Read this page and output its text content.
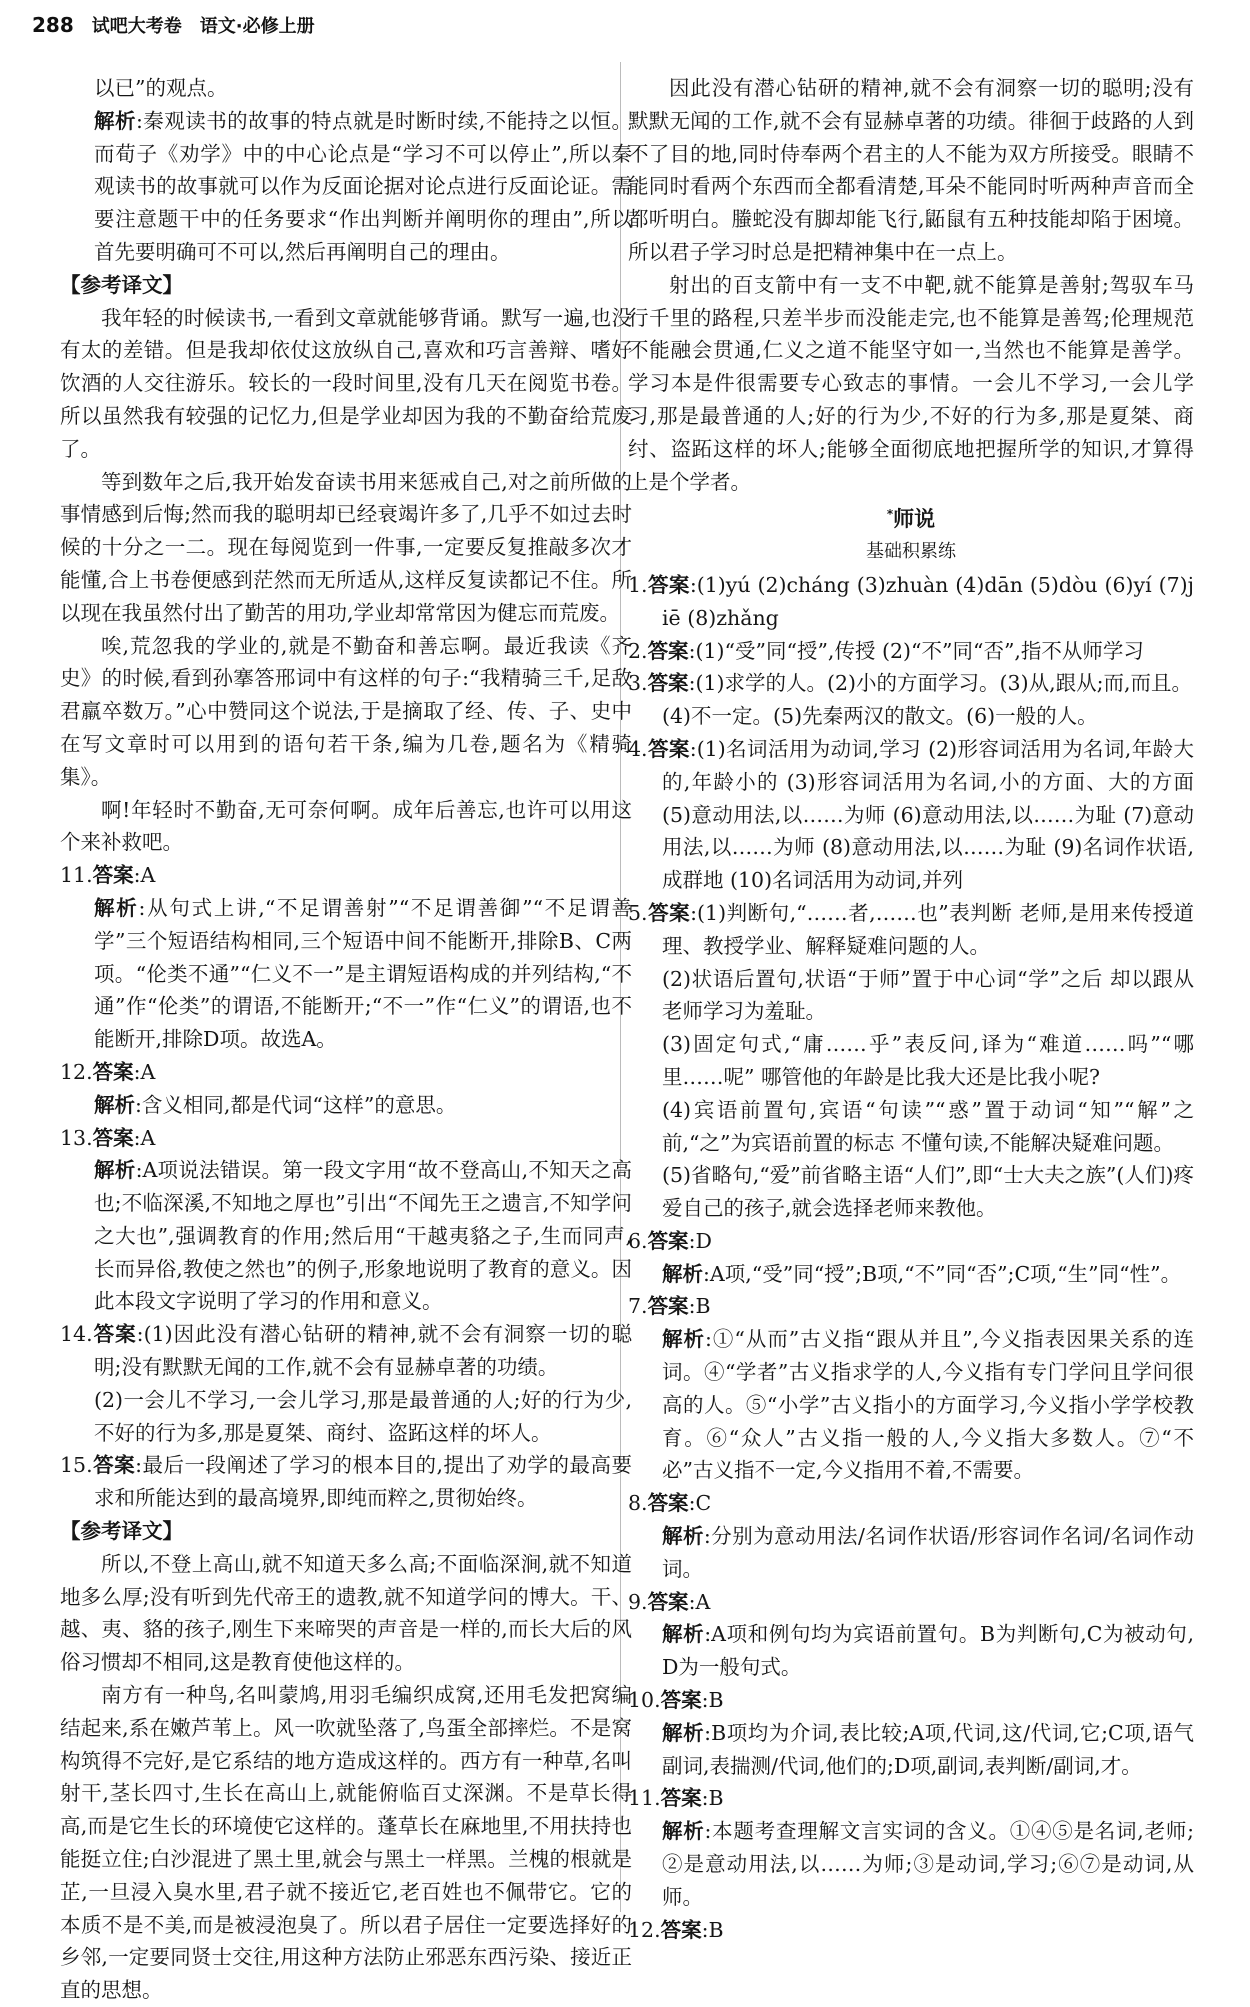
288 试吧大考卷 语文·必修上册

以已”的观点。

解析:秦观读书的故事的特点就是时断时续,不能持之以恒。而荀子《劝学》中的中心论点是“学习不可以停止”,所以秦观读书的故事就可以作为反面论据对论点进行反面论证。需要注意题干中的任务要求“作出判断并阐明你的理由”,所以首先要明确可不可以,然后再阐明自己的理由。

【参考译文】

我年轻的时候读书,一看到文章就能够背诵。默写一遍,也没有太的差错。但是我却依仗这放纵自己,喜欢和巧言善辩、嗜好饮酒的人交往游乐。较长的一段时间里,没有几天在阅览书卷。所以虽然我有较强的记忆力,但是学业却因为我的不勤奋给荒废了。

等到数年之后,我开始发奋读书用来惩戒自己,对之前所做的事情感到后悔;然而我的聪明却已经衰竭许多了,几乎不如过去时候的十分之一二。现在每阅览到一件事,一定要反复推敲多次才能懂,合上书卷便感到茫然而无所适从,这样反复读都记不住。所以现在我虽然付出了勤苦的用功,学业却常常因为健忘而荒废。

唉,荒忽我的学业的,就是不勤奋和善忘啊。最近我读《齐史》的时候,看到孙搴答邢词中有这样的句子:“我精骑三千,足敌君羸卒数万。”心中赞同这个说法,于是摘取了经、传、子、史中在写文章时可以用到的语句若干条,编为几卷,题名为《精骑集》。

啊!年轻时不勤奋,无可奈何啊。成年后善忘,也许可以用这个来补救吧。

11.答案:A

解析:从句式上讲,“不足谓善射”“不足谓善御”“不足谓善学”三个短语结构相同,三个短语中间不能断开,排除B、C两项。“伦类不通”“仁义不一”是主谓短语构成的并列结构,“不通”作“伦类”的谓语,不能断开;“不一”作“仁义”的谓语,也不能断开,排除D项。故选A。

12.答案:A

解析:含义相同,都是代词“这样”的意思。

13.答案:A

解析:A项说法错误。第一段文字用“故不登高山,不知天之高也;不临深溪,不知地之厚也”引出“不闻先王之遗言,不知学问之大也”,强调教育的作用;然后用“干越夷貉之子,生而同声,长而异俗,教使之然也”的例子,形象地说明了教育的意义。因此本段文字说明了学习的作用和意义。

14.答案:(1)因此没有潜心钻研的精神,就不会有洞察一切的聪明;没有默默无闻的工作,就不会有显赫卓著的功绩。

(2)一会儿不学习,一会儿学习,那是最普通的人;好的行为少,不好的行为多,那是夏桀、商纣、盗跖这样的坏人。

15.答案:最后一段阐述了学习的根本目的,提出了劝学的最高要求和所能达到的最高境界,即纯而粹之,贯彻始终。

【参考译文】

所以,不登上高山,就不知道天多么高;不面临深涧,就不知道地多么厚;没有听到先代帝王的遗教,就不知道学问的博大。干、越、夷、貉的孩子,刚生下来啼哭的声音是一样的,而长大后的风俗习惯却不相同,这是教育使他这样的。

南方有一种鸟,名叫蒙鸠,用羽毛编织成窝,还用毛发把窝编结起来,系在嫩芦苇上。风一吹就坠落了,鸟蛋全部摔烂。不是窝构筑得不完好,是它系结的地方造成这样的。西方有一种草,名叫射干,茎长四寸,生长在高山上,就能俯临百丈深渊。不是草长得高,而是它生长的环境使它这样的。蓬草长在麻地里,不用扶持也能挺立住;白沙混进了黑土里,就会与黑土一样黑。兰槐的根就是芷,一旦浸入臭水里,君子就不接近它,老百姓也不佩带它。它的本质不是不美,而是被浸泡臭了。所以君子居住一定要选择好的乡邻,一定要同贤士交往,用这种方法防止邪恶东西污染、接近正直的思想。

因此没有潜心钻研的精神,就不会有洞察一切的聪明;没有默默无闻的工作,就不会有显赫卓著的功绩。徘徊于歧路的人到不了目的地,同时侍奉两个君主的人不能为双方所接受。眼睛不能同时看两个东西而全都看清楚,耳朵不能同时听两种声音而全都听明白。螣蛇没有脚却能飞行,鼫鼠有五种技能却陷于困境。所以君子学习时总是把精神集中在一点上。

射出的百支箭中有一支不中靶,就不能算是善射;驾驭车马行千里的路程,只差半步而没能走完,也不能算是善驾;伦理规范不能融会贯通,仁义之道不能坚守如一,当然也不能算是善学。学习本是件很需要专心致志的事情。一会儿不学习,一会儿学习,那是最普通的人;好的行为少,不好的行为多,那是夏桀、商纣、盗跖这样的坏人;能够全面彻底地把握所学的知识,才算得上是个学者。

*师说

基础积累练

1.答案:(1)yú (2)cháng (3)zhuàn (4)dān (5)dòu (6)yí (7)jiē (8)zhǎng

2.答案:(1)“受”同“授”,传授 (2)“不”同“否”,指不从师学习

3.答案:(1)求学的人。(2)小的方面学习。(3)从,跟从;而,而且。

(4)不一定。(5)先秦两汉的散文。(6)一般的人。

4.答案:(1)名词活用为动词,学习 (2)形容词活用为名词,年龄大的,年龄小的 (3)形容词活用为名词,小的方面、大的方面 (5)意动用法,以……为师 (6)意动用法,以……为耻 (7)意动用法,以……为师 (8)意动用法,以……为耻 (9)名词作状语,成群地 (10)名词活用为动词,并列

5.答案:(1)判断句,“……者,……也”表判断 老师,是用来传授道理、教授学业、解释疑难问题的人。

(2)状语后置句,状语“于师”置于中心词“学”之后 却以跟从老师学习为羞耻。

(3)固定句式,“庸……乎”表反问,译为“难道……吗”“哪里……呢” 哪管他的年龄是比我大还是比我小呢?

(4)宾语前置句,宾语“句读”“惑”置于动词“知”“解”之前,“之”为宾语前置的标志 不懂句读,不能解决疑难问题。

(5)省略句,“爱”前省略主语“人们”,即“士大夫之族”(人们)疼爱自己的孩子,就会选择老师来教他。

6.答案:D

解析:A项,“受”同“授”;B项,“不”同“否”;C项,“生”同“性”。

7.答案:B

解析:①“从而”古义指“跟从并且”,今义指表因果关系的连词。④“学者”古义指求学的人,今义指有专门学问且学问很高的人。⑤“小学”古义指小的方面学习,今义指小学学校教育。⑥“众人”古义指一般的人,今义指大多数人。⑦“不必”古义指不一定,今义指用不着,不需要。

8.答案:C

解析:分别为意动用法/名词作状语/形容词作名词/名词作动词。

9.答案:A

解析:A项和例句均为宾语前置句。B为判断句,C为被动句,D为一般句式。

10.答案:B

解析:B项均为介词,表比较;A项,代词,这/代词,它;C项,语气副词,表揣测/代词,他们的;D项,副词,表判断/副词,才。

11.答案:B

解析:本题考查理解文言实词的含义。①④⑤是名词,老师;②是意动用法,以……为师;③是动词,学习;⑥⑦是动词,从师。

12.答案:B
